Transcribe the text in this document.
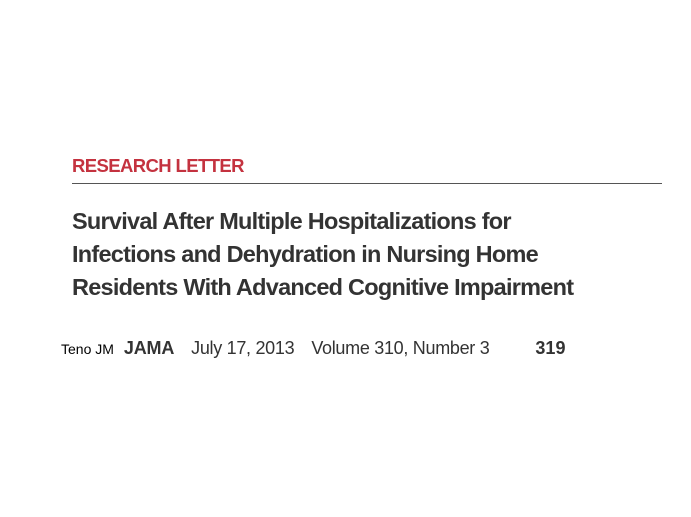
RESEARCH LETTER
Survival After Multiple Hospitalizations for
Infections and Dehydration in Nursing Home
Residents With Advanced Cognitive Impairment
Teno JM JAMA July 17, 2013 Volume 310, Number 3	319
